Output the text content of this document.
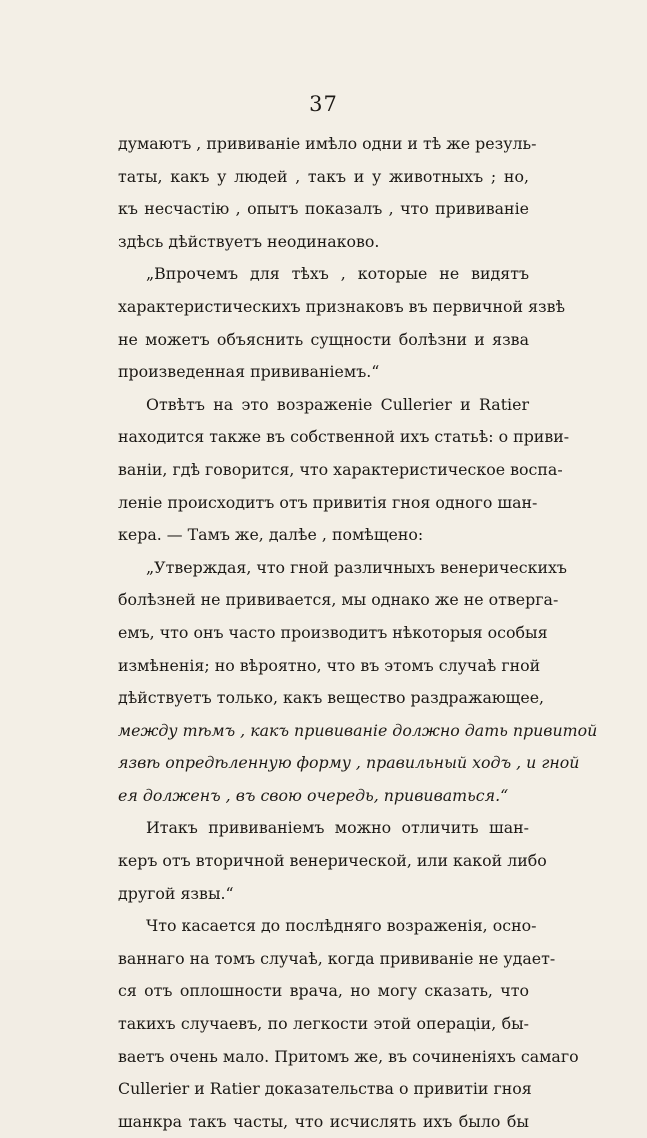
37
думаютъ , прививаніе имѣло одни и тѣ же резуль-
таты, какъ у людей , такъ и у животныхъ ; но,
къ несчастію , опытъ показалъ , что прививаніе
здѣсь дѣйствуетъ неодинаково.
„Впрочемъ для тѣхъ , которые не видятъ
характеристическихъ признаковъ въ первичной язвѣ
не можетъ объяснить сущности болѣзни и язва
произведенная прививаніемъ.“
Отвѣтъ на это возраженіе Cullerier и Ratier
находится также въ собственной ихъ статьѣ: о приви-
ваніи, гдѣ говорится, что характеристическое воспа-
леніе происходитъ отъ привитія гноя одного шан-
кера. — Тамъ же, далѣе , помѣщено:
„Утверждая, что гной различныхъ венерическихъ
болѣзней не прививается, мы однако же не отверга-
емъ, что онъ часто производитъ нѣкоторыя особыя
измѣненія; но вѣроятно, что въ этомъ случаѣ гной
дѣйствуетъ только, какъ вещество раздражающее,
между тѣмъ , какъ прививаніе должно дать привитой
язвѣ опредѣленную форму , правильный ходъ , и гной
ея долженъ , въ свою очередь, прививаться.“
Итакъ прививаніемъ можно отличить шан-
керъ отъ вторичной венерической, или какой либо
другой язвы.“
Что касается до послѣдняго возраженія, осно-
ваннаго на томъ случаѣ, когда прививаніе не удает-
ся отъ оплошности врача, но могу сказать, что
такихъ случаевъ, по легкости этой операціи, бы-
ваетъ очень мало. Притомъ же, въ сочиненіяхъ самаго
Cullerier и Ratier доказательства о привитіи гноя
шанкра такъ часты, что исчислять ихъ было бы
